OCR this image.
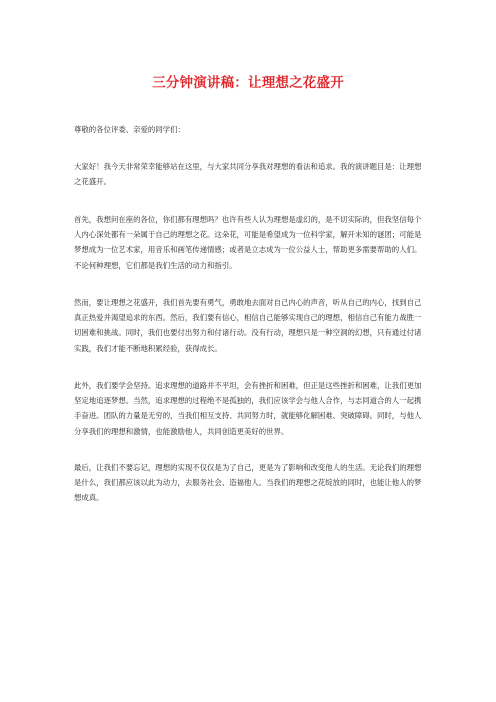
三分钟演讲稿：让理想之花盛开

尊敬的各位评委、亲爱的同学们：

大家好！我今天非常荣幸能够站在这里，与大家共同分享我对理想的看法和追求。我的演讲题目是：让理想之花盛开。

首先，我想问在座的各位，你们都有理想吗？也许有些人认为理想是虚幻的，是不切实际的，但我坚信每个人内心深处都有一朵属于自己的理想之花。这朵花，可能是希望成为一位科学家，解开未知的谜团；可能是梦想成为一位艺术家，用音乐和画笔传递情感；或者是立志成为一位公益人士，帮助更多需要帮助的人们。不论何种理想，它们都是我们生活的动力和指引。

然而，要让理想之花盛开，我们首先要有勇气，勇敢地去面对自己内心的声音，听从自己的内心，找到自己真正热爱并渴望追求的东西。然后，我们要有信心，相信自己能够实现自己的理想，相信自己有能力战胜一切困难和挑战。同时，我们也要付出努力和付诸行动。没有行动，理想只是一种空洞的幻想，只有通过付诸实践，我们才能不断地积累经验，获得成长。

此外，我们要学会坚持。追求理想的道路并不平坦，会有挫折和困难，但正是这些挫折和困难，让我们更加坚定地追逐梦想。当然，追求理想的过程绝不是孤独的，我们应该学会与他人合作，与志同道合的人一起携手奋进。团队的力量是无穷的，当我们相互支持、共同努力时，就能够化解困难、突破障碍。同时，与他人分享我们的理想和激情，也能激励他人，共同创造更美好的世界。

最后，让我们不要忘记，理想的实现不仅仅是为了自己，更是为了影响和改变他人的生活。无论我们的理想是什么，我们都应该以此为动力，去服务社会、造福他人。当我们的理想之花绽放的同时，也能让他人的梦想成真。
